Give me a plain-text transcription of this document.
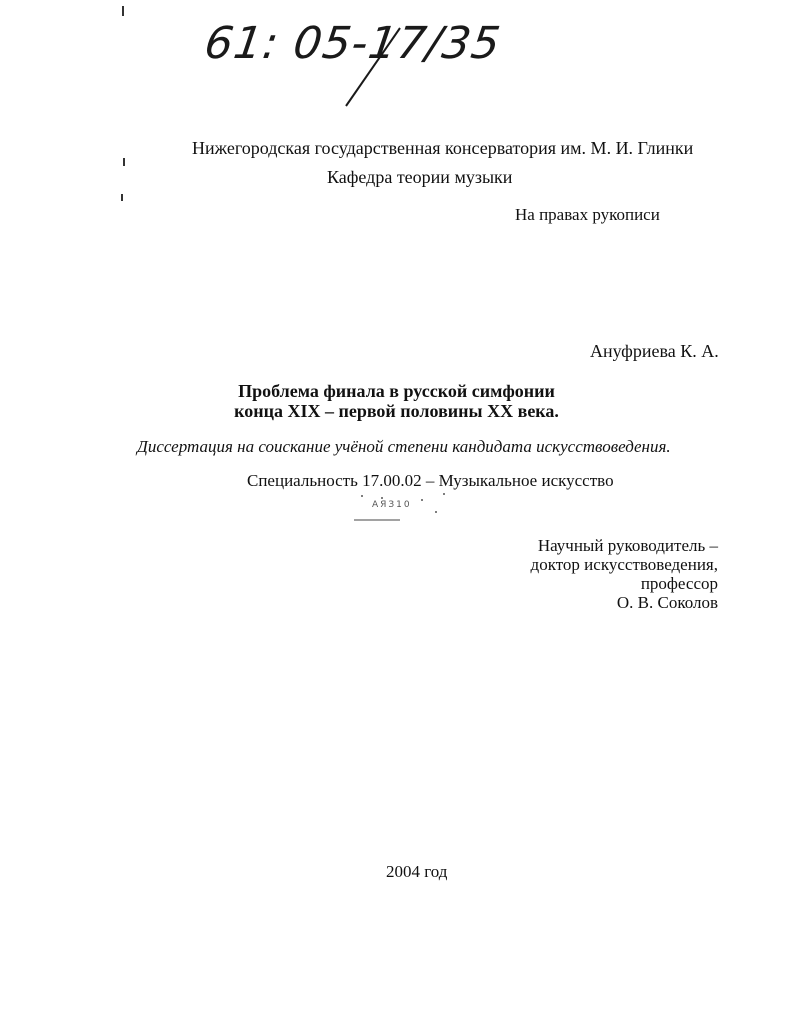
61: 05-17/35
Нижегородская государственная консерватория им. М. И. Глинки
Кафедра теории музыки
На правах рукописи
Ануфриева К. А.
Проблема финала в русской симфонии
конца XIX – первой половины XX века.
Диссертация на соискание учёной степени кандидата искусствоведения.
Специальность 17.00.02 – Музыкальное искусство
АЯЗ10
Научный руководитель –
доктор искусствоведения,
профессор
О. В. Соколов
2004 год
